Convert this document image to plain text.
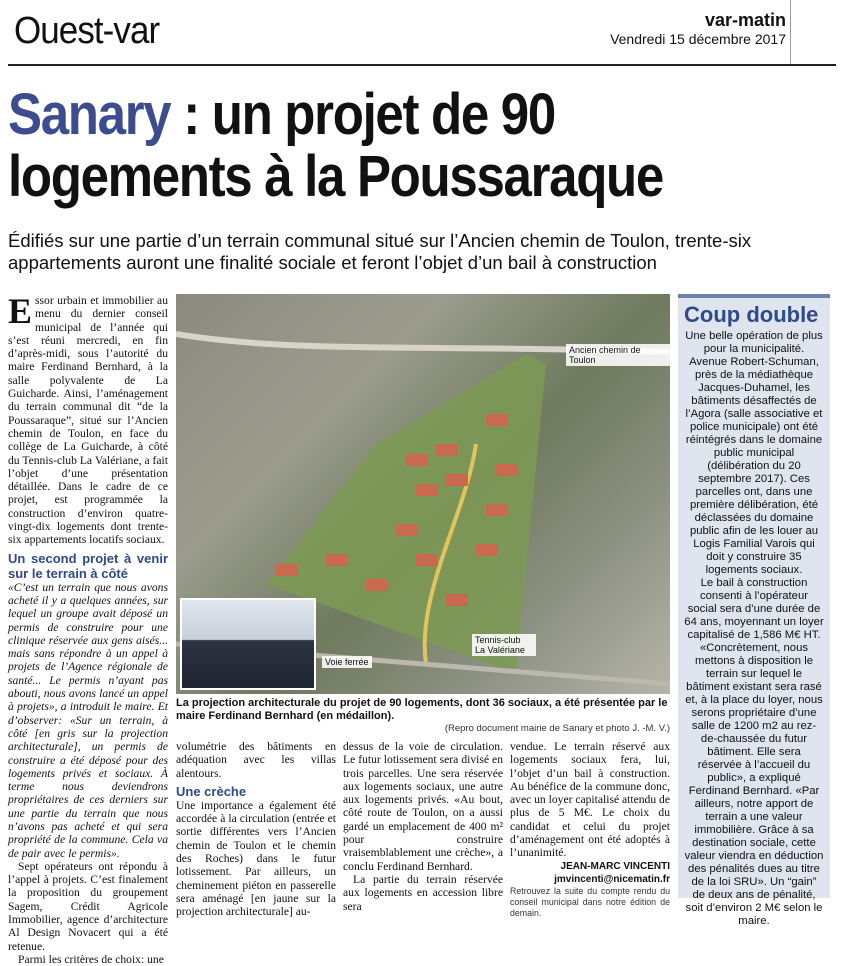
Ouest-var	var-matin
Vendredi 15 décembre 2017
Sanary : un projet de 90
logements à la Poussaraque
Édifiés sur une partie d’un terrain communal situé sur l’Ancien chemin de Toulon, trente-six appartements auront une finalité sociale et feront l’objet d’un bail à construction

Essor urbain et immobilier au menu du dernier conseil municipal de l’année qui s’est réuni mercredi, en fin d’après-midi, sous l’autorité du maire Ferdinand Bernhard, à la salle polyvalente de La Guicharde. Ainsi, l’aménagement du terrain communal dit “de la Poussaraque”, situé sur l’Ancien chemin de Toulon, en face du collège de La Guicharde, à côté du Tennis-club La Valériane, a fait l’objet d’une présentation détaillée. Dans le cadre de ce projet, est programmée la construction d’environ quatre-vingt-dix logements dont trente-six appartements locatifs sociaux.

Un second projet à venir sur le terrain à côté

«C’est un terrain que nous avons acheté il y a quelques années, sur lequel un groupe avait déposé un permis de construire pour une clinique réservée aux gens aisés... mais sans répondre à un appel à projets de l’Agence régionale de santé... Le permis n’ayant pas abouti, nous avons lancé un appel à projets», a introduit le maire. Et d’observer: «Sur un terrain, à côté [en gris sur la projection architecturale], un permis de construire a été déposé pour des logements privés et sociaux. À terme nous deviendrons propriétaires de ces derniers sur une partie du terrain que nous n’avons pas acheté et qui sera propriété de la commune. Cela va de pair avec le permis».

Sept opérateurs ont répondu à l’appel à projets. C’est finalement la proposition du groupement Sagem, Crédit Agricole Immobilier, agence d’architecture Al Design Novacert qui a été retenue.

Parmi les critères de choix: une

Ancien chemin de Toulon
Tennis-club La Valériane
Voie ferrée
La projection architecturale du projet de 90 logements, dont 36 sociaux, a été présentée par le maire Ferdinand Bernhard (en médaillon).
(Repro document mairie de Sanary et photo J. -M. V.)

volumétrie des bâtiments en adéquation avec les villas alentours.

Une crèche

Une importance a également été accordée à la circulation (entrée et sortie différentes vers l’Ancien chemin de Toulon et le chemin des Roches) dans le futur lotissement. Par ailleurs, un cheminement piéton en passerelle sera aménagé [en jaune sur la projection architecturale] au-

dessus de la voie de circulation. Le futur lotissement sera divisé en trois parcelles. Une sera réservée aux logements sociaux, une autre aux logements privés. «Au bout, côté route de Toulon, on a aussi gardé un emplacement de 400 m² pour construire vraisemblablement une crèche», a conclu Ferdinand Bernhard.

La partie du terrain réservée aux logements en accession libre sera

vendue. Le terrain réservé aux logements sociaux fera, lui, l’objet d’un bail à construction. Au bénéfice de la commune donc, avec un loyer capitalisé attendu de plus de 5 M€. Le choix du candidat et celui du projet d’aménagement ont été adoptés à l’unanimité.

JEAN-MARC VINCENTI

jmvincenti@nicematin.fr

Retrouvez la suite du compte rendu du conseil municipal dans notre édition de demain.

Coup double

Une belle opération de plus pour la municipalité. Avenue Robert-Schuman, près de la médiathèque Jacques-Duhamel, les bâtiments désaffectés de l’Agora (salle associative et police municipale) ont été réintégrés dans le domaine public municipal (délibération du 20 septembre 2017). Ces parcelles ont, dans une première délibération, été déclassées du domaine public afin de les louer au Logis Familial Varois qui doit y construire 35 logements sociaux.

Le bail à construction consenti à l’opérateur social sera d’une durée de 64 ans, moyennant un loyer capitalisé de 1,586 M€ HT. «Concrètement, nous mettons à disposition le terrain sur lequel le bâtiment existant sera rasé et, à la place du loyer, nous serons propriétaire d’une salle de 1200 m2 au rez-de-chaussée du futur bâtiment. Elle sera réservée à l’accueil du public», a expliqué Ferdinand Bernhard. «Par ailleurs, notre apport de terrain a une valeur immobilière. Grâce à sa destination sociale, cette valeur viendra en déduction des pénalités dues au titre de la loi SRU». Un “gain” de deux ans de pénalité, soit d’environ 2 M€ selon le maire.
